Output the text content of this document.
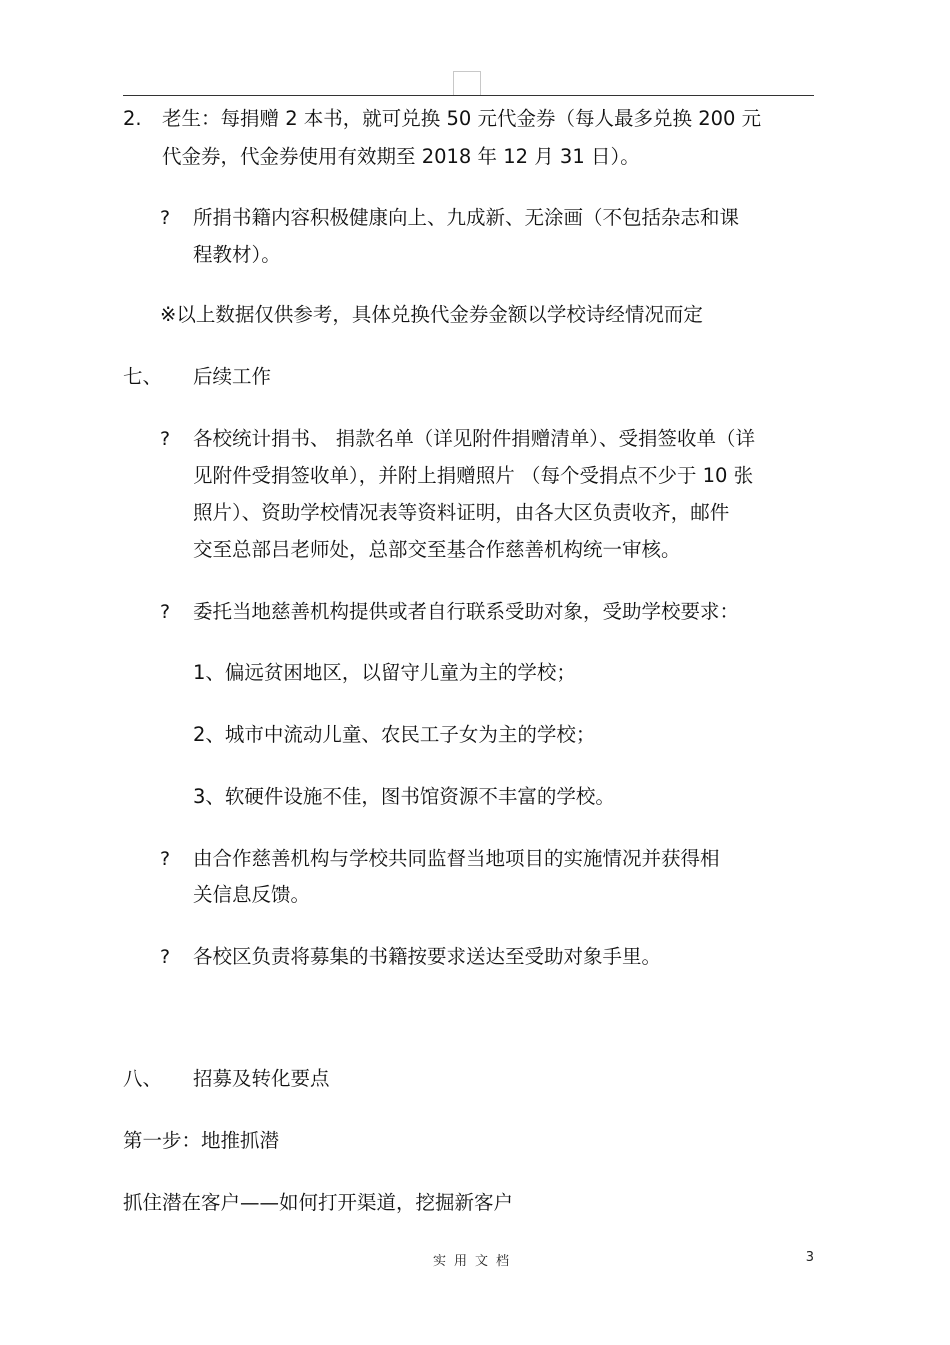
2. 老生：每捐赠 2 本书，就可兑换 50 元代金券（每人最多兑换 200 元
代金券，代金券使用有效期至 2018 年 12 月 31 日）。
? 所捐书籍内容积极健康向上、九成新、无涂画（不包括杂志和课
程教材）。
※以上数据仅供参考，具体兑换代金券金额以学校诗经情况而定
七、 后续工作
? 各校统计捐书、 捐款名单（详见附件捐赠清单）、受捐签收单（详
见附件受捐签收单），并附上捐赠照片 （每个受捐点不少于 10 张
照片）、资助学校情况表等资料证明，由各大区负责收齐，邮件
交至总部吕老师处，总部交至基合作慈善机构统一审核。
? 委托当地慈善机构提供或者自行联系受助对象，受助学校要求：
1、偏远贫困地区，以留守儿童为主的学校；
2、城市中流动儿童、农民工子女为主的学校；
3、软硬件设施不佳，图书馆资源不丰富的学校。
? 由合作慈善机构与学校共同监督当地项目的实施情况并获得相
关信息反馈。
? 各校区负责将募集的书籍按要求送达至受助对象手里。
八、 招募及转化要点
第一步：地推抓潜
抓住潜在客户——如何打开渠道，挖掘新客户
实用文档	3
